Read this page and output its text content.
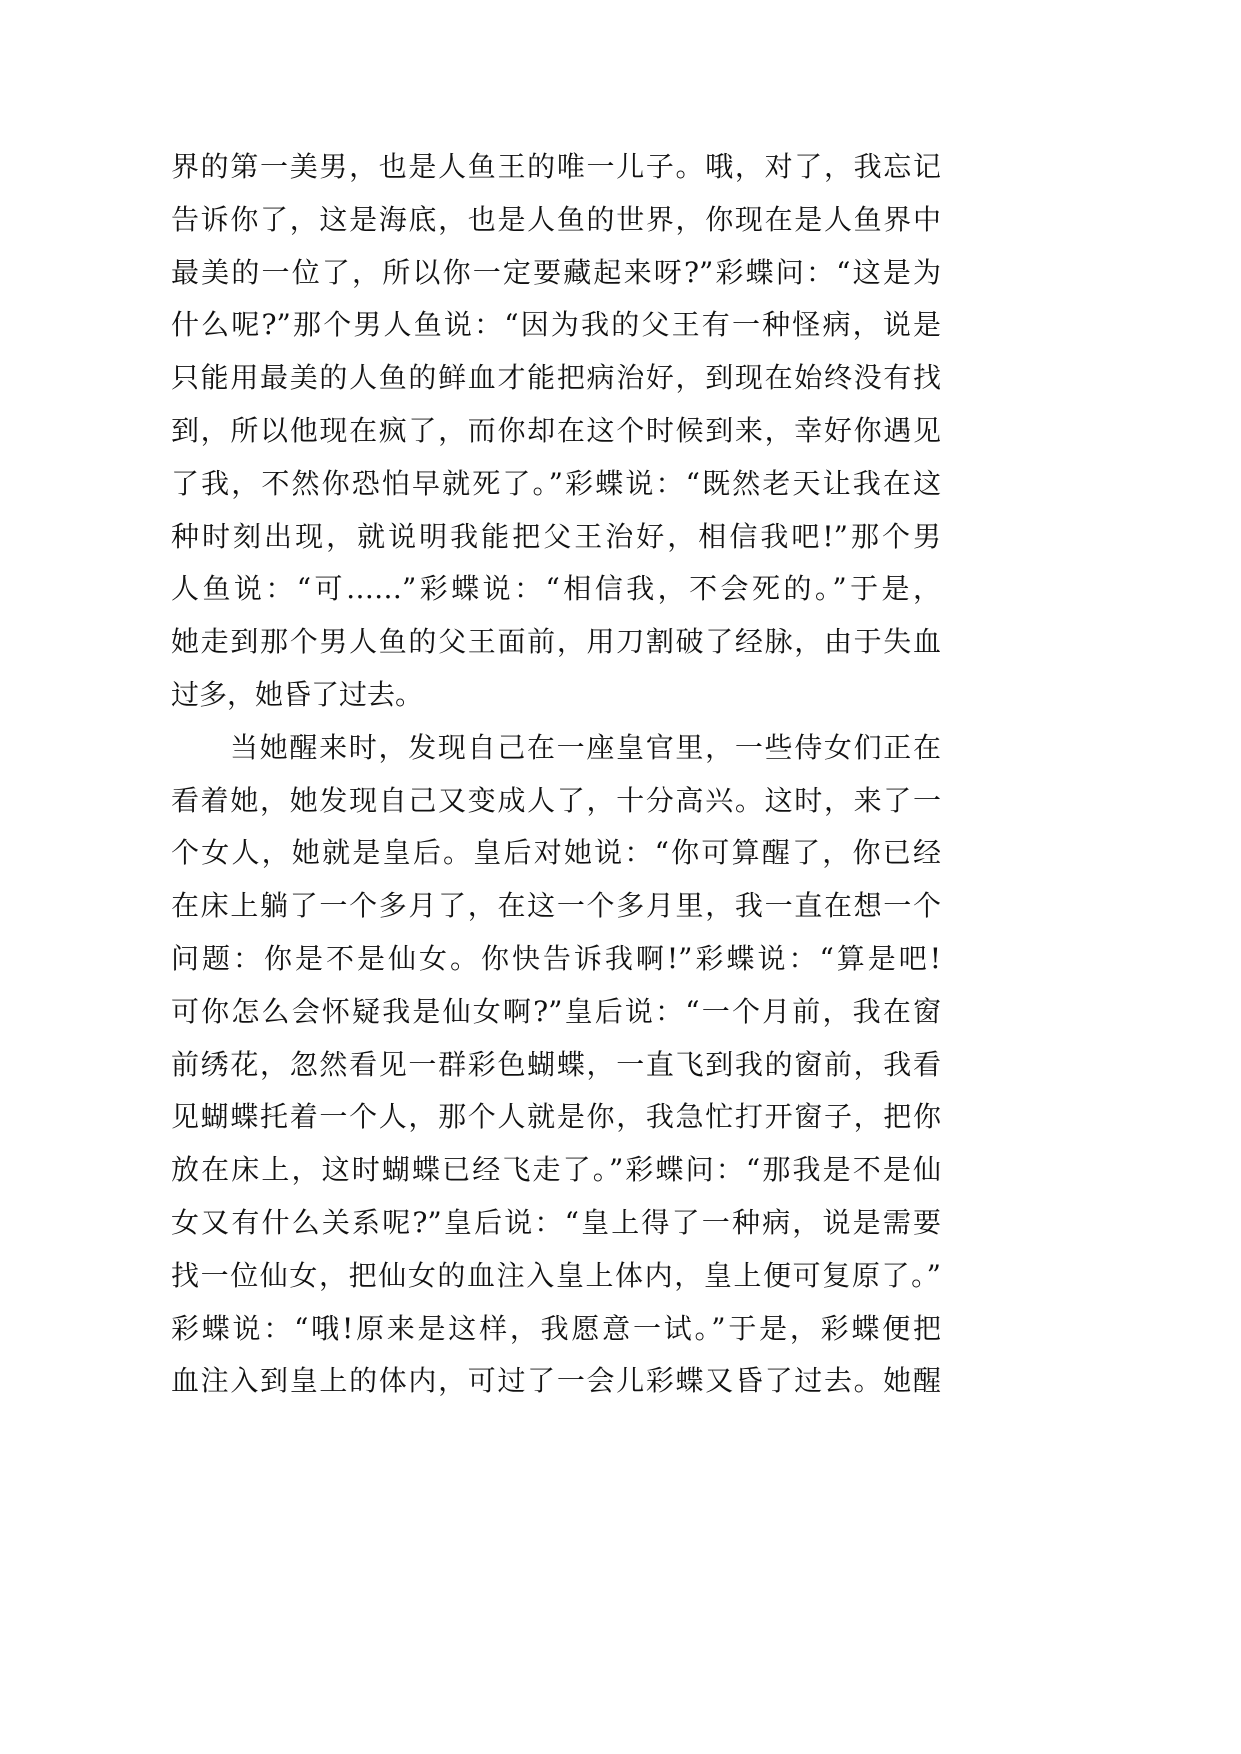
界的第一美男，也是人鱼王的唯一儿子。哦，对了，我忘记
告诉你了，这是海底，也是人鱼的世界，你现在是人鱼界中
最美的一位了，所以你一定要藏起来呀?”彩蝶问：“这是为
什么呢?”那个男人鱼说：“因为我的父王有一种怪病，说是
只能用最美的人鱼的鲜血才能把病治好，到现在始终没有找
到，所以他现在疯了，而你却在这个时候到来，幸好你遇见
了我，不然你恐怕早就死了。”彩蝶说：“既然老天让我在这
种时刻出现，就说明我能把父王治好，相信我吧!”那个男
人鱼说：“可……”彩蝶说：“相信我，不会死的。”于是，
她走到那个男人鱼的父王面前，用刀割破了经脉，由于失血
过多，她昏了过去。
当她醒来时，发现自己在一座皇官里，一些侍女们正在
看着她，她发现自己又变成人了，十分高兴。这时，来了一
个女人，她就是皇后。皇后对她说：“你可算醒了，你已经
在床上躺了一个多月了，在这一个多月里，我一直在想一个
问题：你是不是仙女。你快告诉我啊!”彩蝶说：“算是吧!
可你怎么会怀疑我是仙女啊?”皇后说：“一个月前，我在窗
前绣花，忽然看见一群彩色蝴蝶，一直飞到我的窗前，我看
见蝴蝶托着一个人，那个人就是你，我急忙打开窗子，把你
放在床上，这时蝴蝶已经飞走了。”彩蝶问：“那我是不是仙
女又有什么关系呢?”皇后说：“皇上得了一种病，说是需要
找一位仙女，把仙女的血注入皇上体内，皇上便可复原了。”
彩蝶说：“哦!原来是这样，我愿意一试。”于是，彩蝶便把
血注入到皇上的体内，可过了一会儿彩蝶又昏了过去。她醒
